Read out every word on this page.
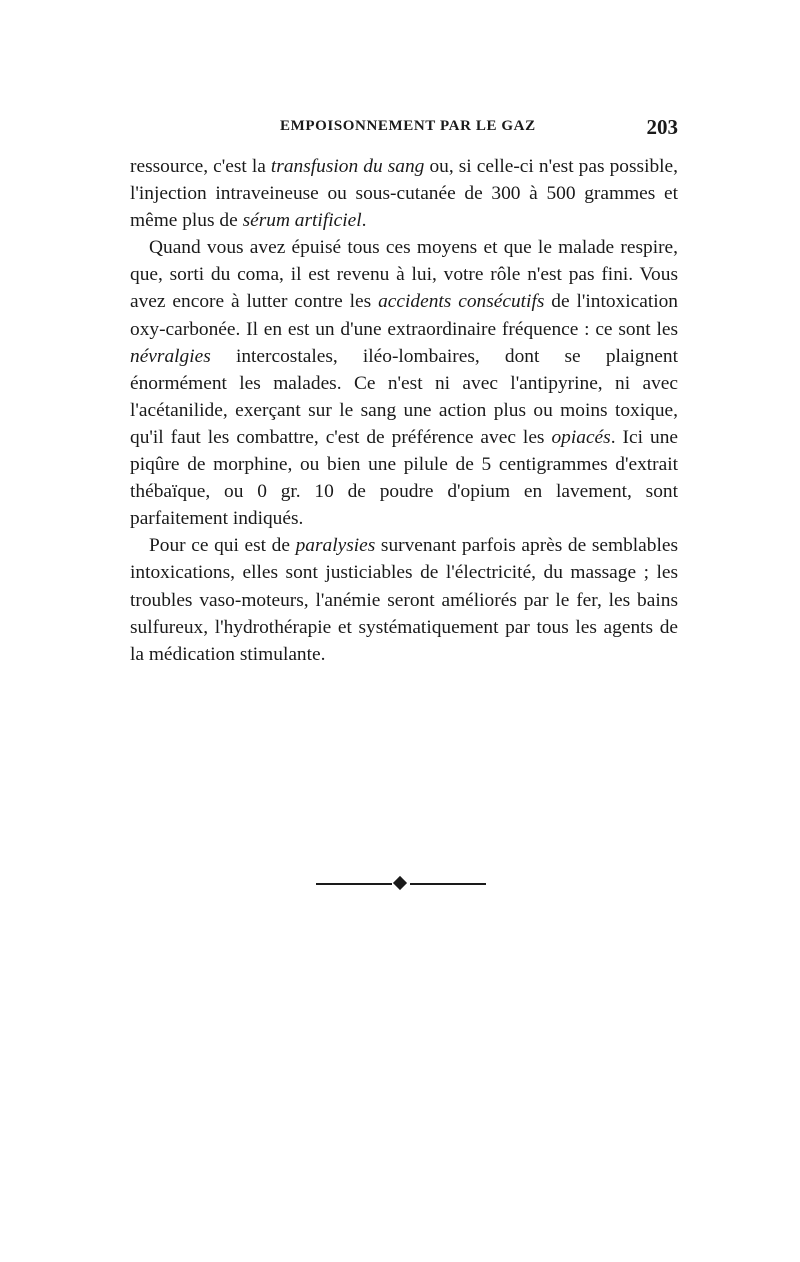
EMPOISONNEMENT PAR LE GAZ	203

ressource, c'est la transfusion du sang ou, si celle-ci n'est pas possible, l'injection intraveineuse ou sous-cutanée de 300 à 500 grammes et même plus de sérum artificiel.

Quand vous avez épuisé tous ces moyens et que le malade respire, que, sorti du coma, il est revenu à lui, votre rôle n'est pas fini. Vous avez encore à lutter contre les accidents consécutifs de l'intoxication oxy-carbonée. Il en est un d'une extraordinaire fréquence : ce sont les névralgies intercostales, iléo-lombaires, dont se plaignent énormément les malades. Ce n'est ni avec l'antipyrine, ni avec l'acétanilide, exerçant sur le sang une action plus ou moins toxique, qu'il faut les combattre, c'est de préférence avec les opiacés. Ici une piqûre de morphine, ou bien une pilule de 5 centigrammes d'extrait thébaïque, ou 0 gr. 10 de poudre d'opium en lavement, sont parfaitement indiqués.

Pour ce qui est de paralysies survenant parfois après de semblables intoxications, elles sont justiciables de l'électricité, du massage ; les troubles vaso-moteurs, l'anémie seront améliorés par le fer, les bains sulfureux, l'hydrothérapie et systématiquement par tous les agents de la médication stimulante.
